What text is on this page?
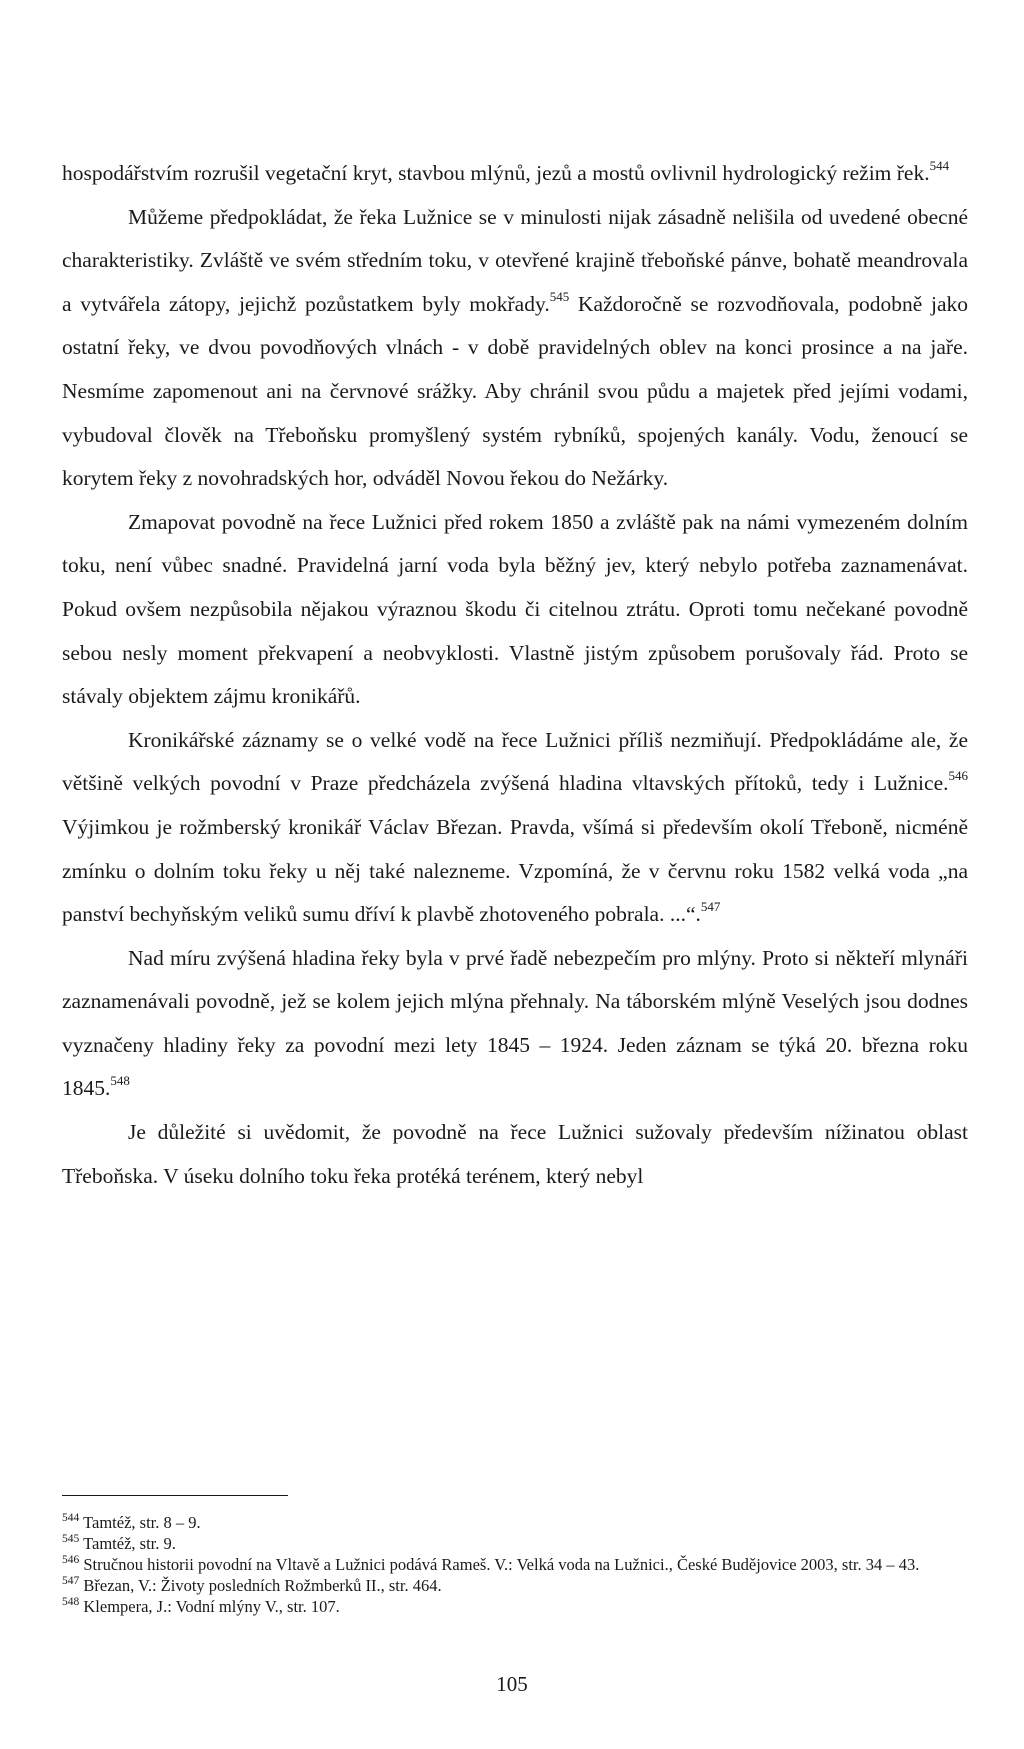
hospodářstvím rozrušil vegetační kryt, stavbou mlýnů, jezů a mostů ovlivnil hydrologický režim řek.$^{544}$

Můžeme předpokládat, že řeka Lužnice se v minulosti nijak zásadně nelišila od uvedené obecné charakteristiky. Zvláště ve svém středním toku, v otevřené krajině třeboňské pánve, bohatě meandrovala a vytvářela zátopy, jejichž pozůstatkem byly mokřady.$^{545}$ Každoročně se rozvodňovala, podobně jako ostatní řeky, ve dvou povodňových vlnách - v době pravidelných oblev na konci prosince a na jaře. Nesmíme zapomenout ani na červnové srážky. Aby chránil svou půdu a majetek před jejími vodami, vybudoval člověk na Třeboňsku promyšlený systém rybníků, spojených kanály. Vodu, ženoucí se korytem řeky z novohradských hor, odváděl Novou řekou do Nežárky.

Zmapovat povodně na řece Lužnici před rokem 1850 a zvláště pak na námi vymezeném dolním toku, není vůbec snadné. Pravidelná jarní voda byla běžný jev, který nebylo potřeba zaznamenávat. Pokud ovšem nezpůsobila nějakou výraznou škodu či citelnou ztrátu. Oproti tomu nečekané povodně sebou nesly moment překvapení a neobvyklosti. Vlastně jistým způsobem porušovaly řád. Proto se stávaly objektem zájmu kronikářů.

Kronikářské záznamy se o velké vodě na řece Lužnici příliš nezmiňují. Předpokládáme ale, že většině velkých povodní v Praze předcházela zvýšená hladina vltavských přítoků, tedy i Lužnice.$^{546}$ Výjimkou je rožmberský kronikář Václav Březan. Pravda, všímá si především okolí Třeboně, nicméně zmínku o dolním toku řeky u něj také nalezneme. Vzpomíná, že v červnu roku 1582 velká voda „na panství bechyňským veliků sumu dříví k plavbě zhotoveného pobrala. ...“.$^{547}$

Nad míru zvýšená hladina řeky byla v prvé řadě nebezpečím pro mlýny. Proto si někteří mlynáři zaznamenávali povodně, jež se kolem jejich mlýna přehnaly. Na táborském mlýně Veselých jsou dodnes vyznačeny hladiny řeky za povodní mezi lety 1845 – 1924. Jeden záznam se týká 20. března roku 1845.$^{548}$

Je důležité si uvědomit, že povodně na řece Lužnici sužovaly především nížinatou oblast Třeboňska. V úseku dolního toku řeka protéká terénem, který nebyl

$^{544}$ Tamtéž, str. 8 – 9.

$^{545}$ Tamtéž, str. 9.

$^{546}$ Stručnou historii povodní na Vltavě a Lužnici podává Rameš. V.: Velká voda na Lužnici., České Budějovice 2003, str. 34 – 43.

$^{547}$ Březan, V.: Životy posledních Rožmberků II., str. 464.

$^{548}$ Klempera, J.: Vodní mlýny V., str. 107.

105
